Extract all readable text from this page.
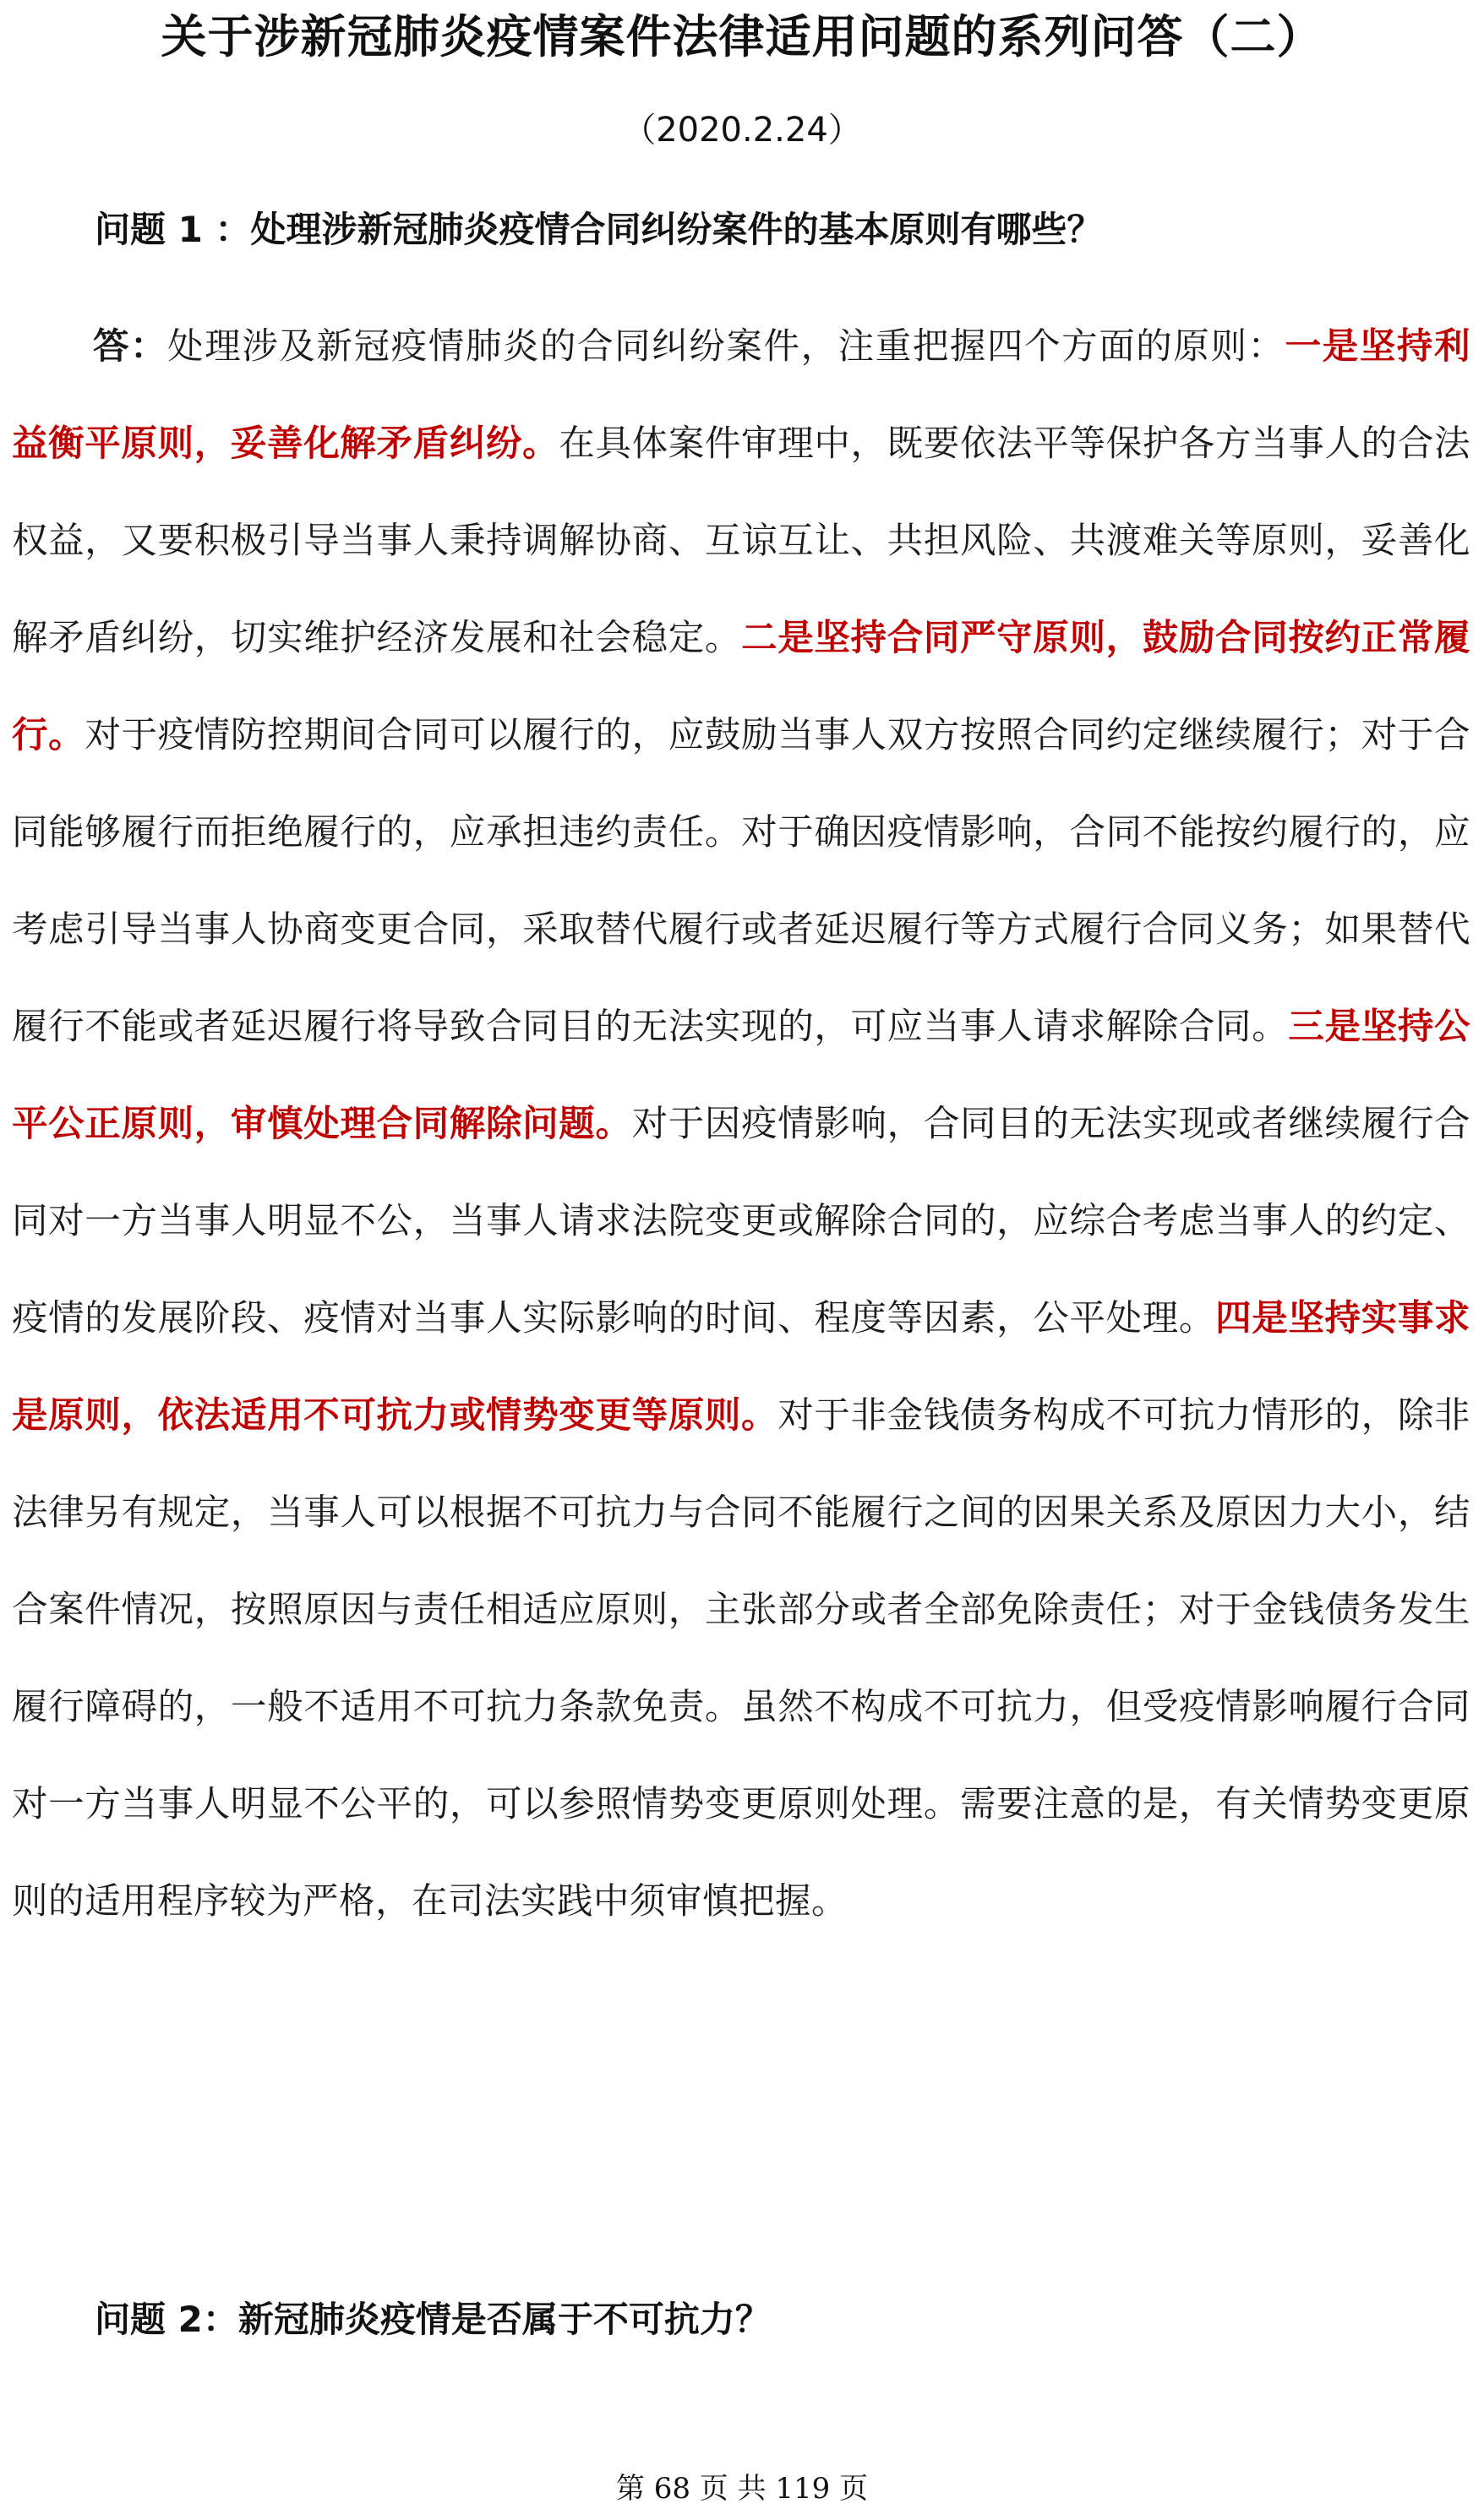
关于涉新冠肺炎疫情案件法律适用问题的系列问答（二）
（2020.2.24）
问题 1 ：处理涉新冠肺炎疫情合同纠纷案件的基本原则有哪些？

答：处理涉及新冠疫情肺炎的合同纠纷案件，注重把握四个方面的原则：一是坚持利益衡平原则，妥善化解矛盾纠纷。在具体案件审理中，既要依法平等保护各方当事人的合法权益，又要积极引导当事人秉持调解协商、互谅互让、共担风险、共渡难关等原则，妥善化解矛盾纠纷，切实维护经济发展和社会稳定。二是坚持合同严守原则，鼓励合同按约正常履行。对于疫情防控期间合同可以履行的，应鼓励当事人双方按照合同约定继续履行；对于合同能够履行而拒绝履行的，应承担违约责任。对于确因疫情影响，合同不能按约履行的，应考虑引导当事人协商变更合同，采取替代履行或者延迟履行等方式履行合同义务；如果替代履行不能或者延迟履行将导致合同目的无法实现的，可应当事人请求解除合同。三是坚持公平公正原则，审慎处理合同解除问题。对于因疫情影响，合同目的无法实现或者继续履行合同对一方当事人明显不公，当事人请求法院变更或解除合同的，应综合考虑当事人的约定、疫情的发展阶段、疫情对当事人实际影响的时间、程度等因素，公平处理。四是坚持实事求是原则，依法适用不可抗力或情势变更等原则。对于非金钱债务构成不可抗力情形的，除非法律另有规定，当事人可以根据不可抗力与合同不能履行之间的因果关系及原因力大小，结合案件情况，按照原因与责任相适应原则，主张部分或者全部免除责任；对于金钱债务发生履行障碍的，一般不适用不可抗力条款免责。虽然不构成不可抗力，但受疫情影响履行合同对一方当事人明显不公平的，可以参照情势变更原则处理。需要注意的是，有关情势变更原则的适用程序较为严格，在司法实践中须审慎把握。

问题 2：新冠肺炎疫情是否属于不可抗力？
第 68 页 共 119 页
